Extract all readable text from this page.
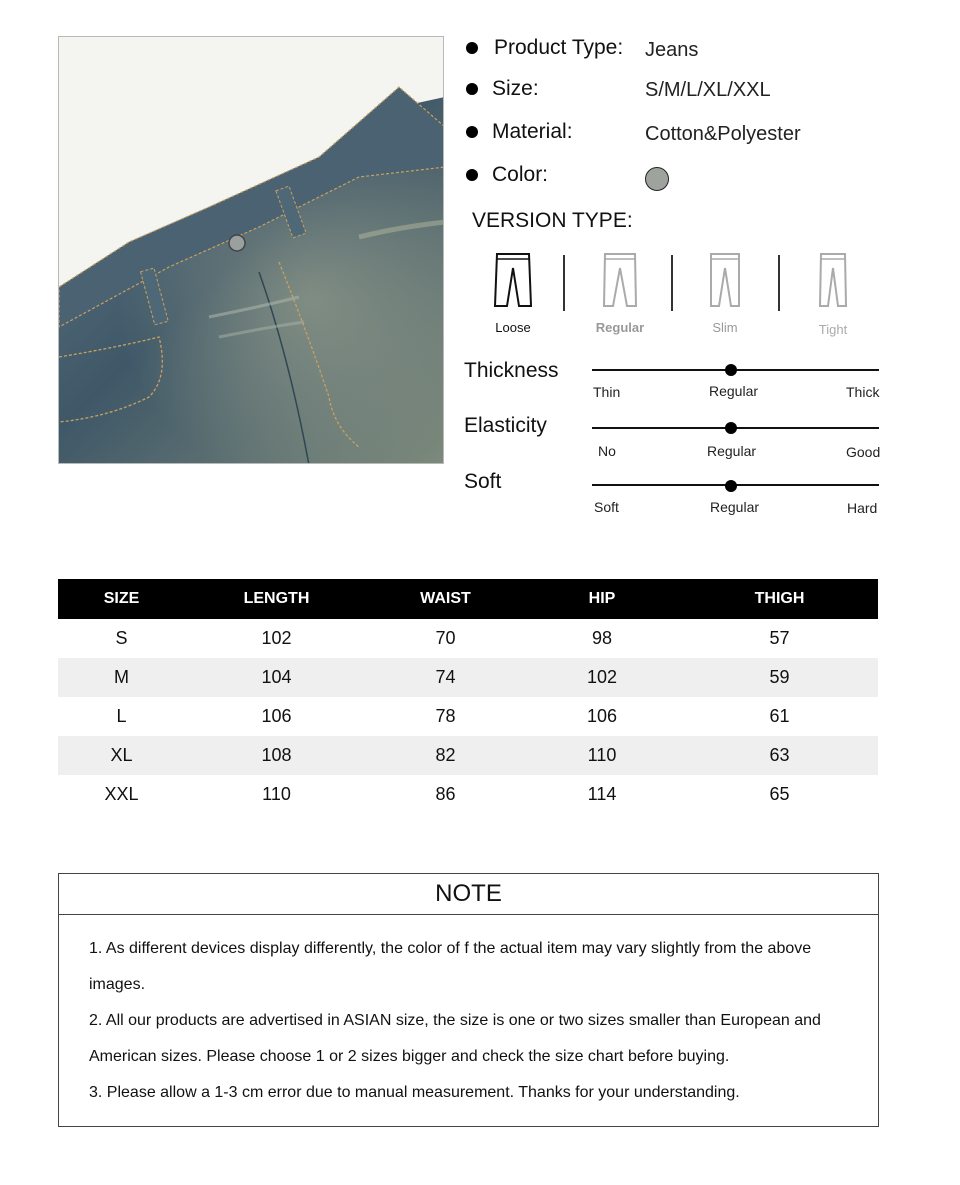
Product Type: Jeans
Size:	S/M/L/XL/XXL
Material:	Cotton&Polyester
Color:
VERSION TYPE:
Loose	Regular	Slim	Tight
Thickness
Thin	Regular	Thick
Elasticity
No	Regular	Good
Soft
Soft	Regular	Hard
SIZE	LENGTH	WAIST	HIP	THIGH
S	102	70	98	57
M	104	74	102	59
L	106	78	106	61
XL	108	82	110	63
XXL	110	86	114	65
NOTE

1. As different devices display differently, the color of f the actual item may vary slightly from the above images.

2. All our products are advertised in ASIAN size, the size is one or two sizes smaller than European and American sizes. Please choose 1 or 2 sizes bigger and check the size chart before buying.

3. Please allow a 1-3 cm error due to manual measurement. Thanks for your understanding.
